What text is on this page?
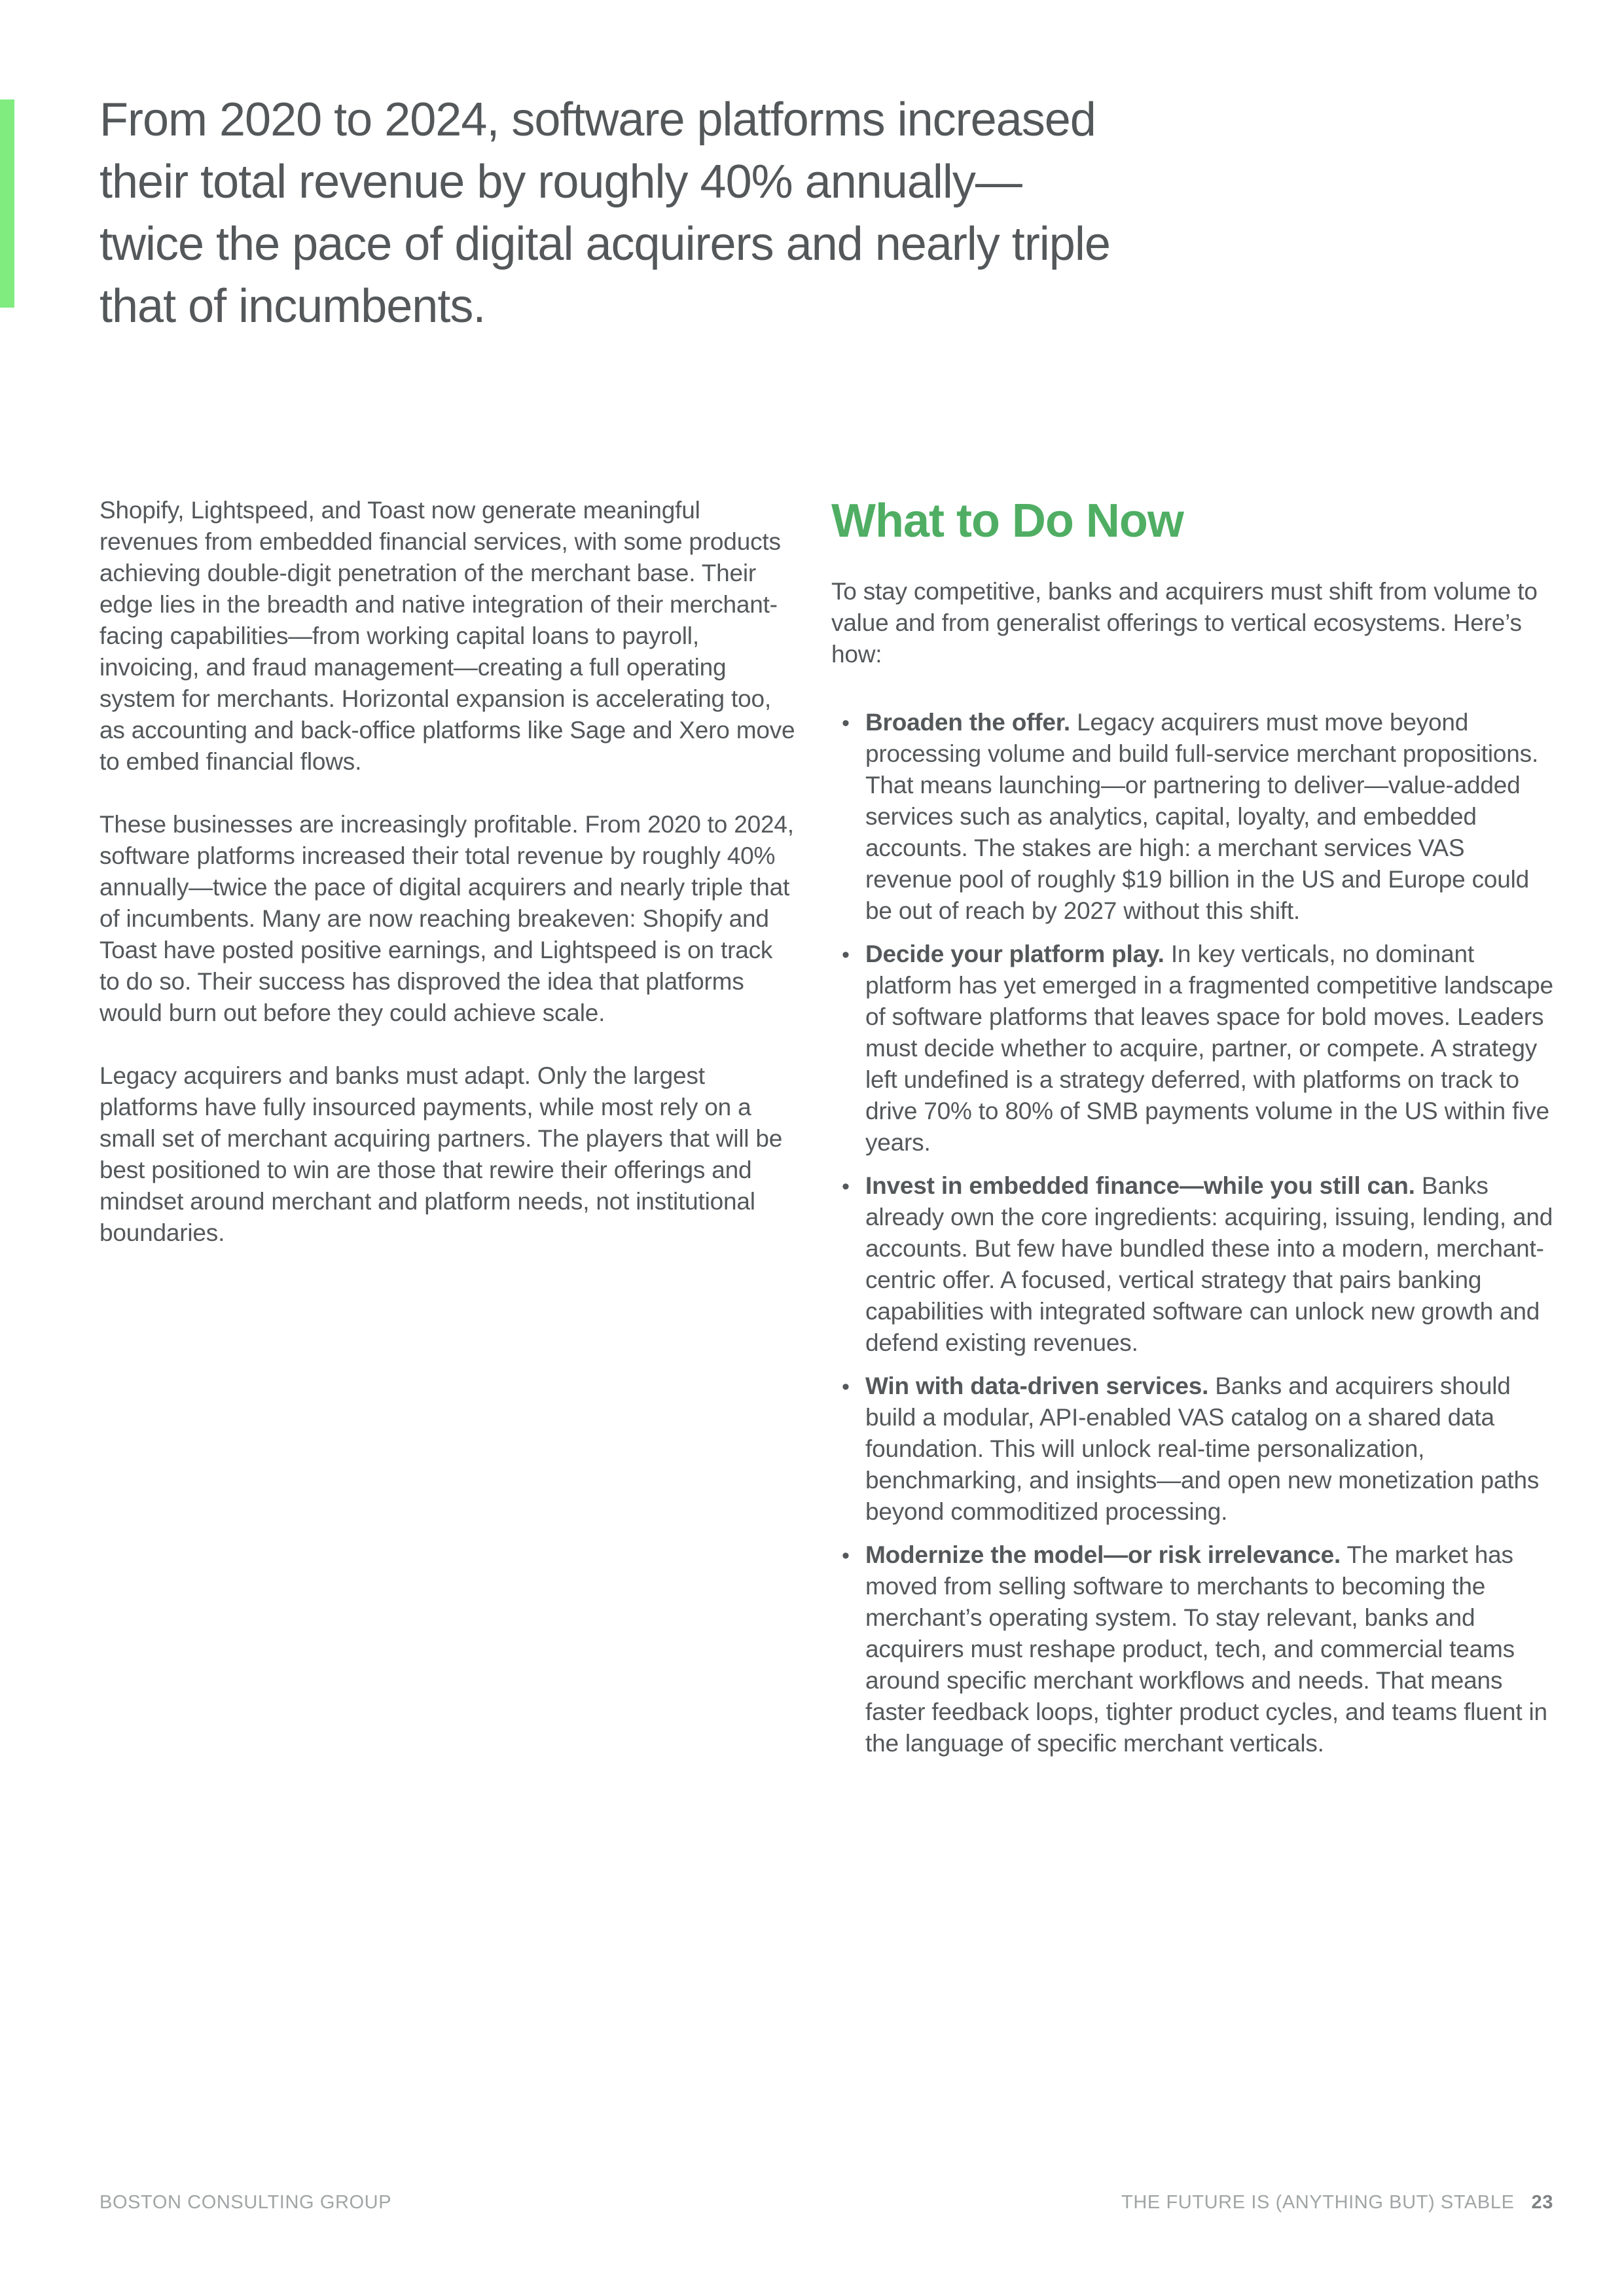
From 2020 to 2024, software platforms increased
their total revenue by roughly 40% annually—
twice the pace of digital acquirers and nearly triple
that of incumbents.

Shopify, Lightspeed, and Toast now generate meaningful revenues from embedded financial services, with some products achieving double-digit penetration of the merchant base. Their edge lies in the breadth and native integration of their merchant-facing capabilities—from working capital loans to payroll, invoicing, and fraud management—creating a full operating system for merchants. Horizontal expansion is accelerating too, as accounting and back-office platforms like Sage and Xero move to embed financial flows.

These businesses are increasingly profitable. From 2020 to 2024, software platforms increased their total revenue by roughly 40% annually—twice the pace of digital acquirers and nearly triple that of incumbents. Many are now reaching breakeven: Shopify and Toast have posted positive earnings, and Lightspeed is on track to do so. Their success has disproved the idea that platforms would burn out before they could achieve scale.

Legacy acquirers and banks must adapt. Only the largest platforms have fully insourced payments, while most rely on a small set of merchant acquiring partners. The players that will be best positioned to win are those that rewire their offerings and mindset around merchant and platform needs, not institutional boundaries.

What to Do Now

To stay competitive, banks and acquirers must shift from volume to value and from generalist offerings to vertical ecosystems. Here’s how:

• Broaden the offer. Legacy acquirers must move beyond processing volume and build full-service merchant propositions. That means launching—or partnering to deliver—value-added services such as analytics, capital, loyalty, and embedded accounts. The stakes are high: a merchant services VAS revenue pool of roughly $19 billion in the US and Europe could be out of reach by 2027 without this shift.
• Decide your platform play. In key verticals, no dominant platform has yet emerged in a fragmented competitive landscape of software platforms that leaves space for bold moves. Leaders must decide whether to acquire, partner, or compete. A strategy left undefined is a strategy deferred, with platforms on track to drive 70% to 80% of SMB payments volume in the US within five years.
• Invest in embedded finance—while you still can. Banks already own the core ingredients: acquiring, issuing, lending, and accounts. But few have bundled these into a modern, merchant-centric offer. A focused, vertical strategy that pairs banking capabilities with integrated software can unlock new growth and defend existing revenues.
• Win with data-driven services. Banks and acquirers should build a modular, API-enabled VAS catalog on a shared data foundation. This will unlock real-time personalization, benchmarking, and insights—and open new monetization paths beyond commoditized processing.
• Modernize the model—or risk irrelevance. The market has moved from selling software to merchants to becoming the merchant’s operating system. To stay relevant, banks and acquirers must reshape product, tech, and commercial teams around specific merchant workflows and needs. That means faster feedback loops, tighter product cycles, and teams fluent in the language of specific merchant verticals.
BOSTON CONSULTING GROUP	THE FUTURE IS (ANYTHING BUT) STABLE 23
